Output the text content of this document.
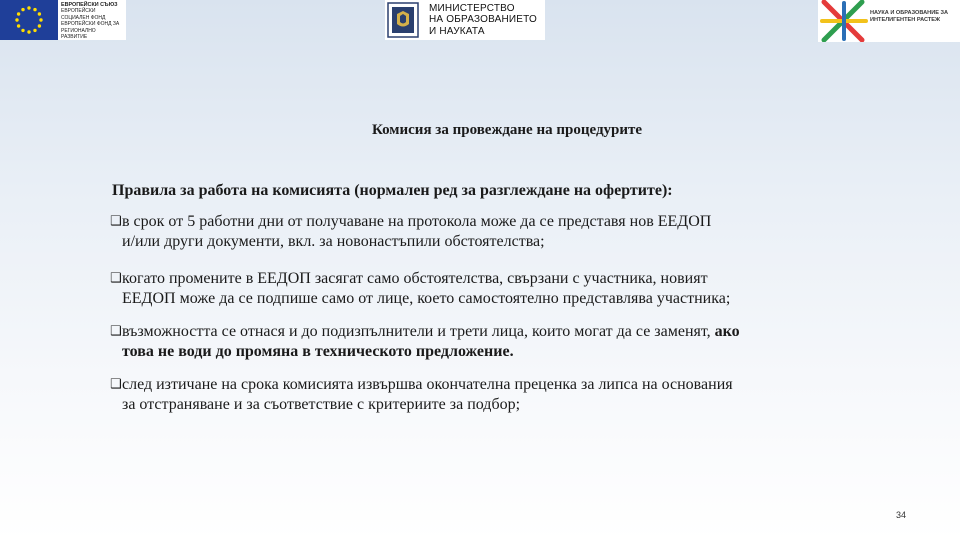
ЕВРОПЕЙСКИ СЪЮЗ
ЕВРОПЕЙСКИ
СОЦИАЛЕН ФОНД
ЕВРОПЕЙСКИ ФОНД ЗА
РЕГИОНАЛНО РАЗВИТИЕ
МИНИСТЕРСТВО
НА ОБРАЗОВАНИЕТО
И НАУКАТА
НАУКА И ОБРАЗОВАНИЕ ЗА
ИНТЕЛИГЕНТЕН РАСТЕЖ
Комисия за провеждане на процедурите
Правила за работа на комисията (нормален ред за разглеждане на офертите):
❑ в срок от 5 работни дни от получаване на протокола може да се представя нов ЕЕДОП
и/или други документи, вкл. за новонастъпили обстоятелства;
❑ когато промените в ЕЕДОП засягат само обстоятелства, свързани с участника, новият
ЕЕДОП може да се подпише само от лице, което самостоятелно представлява участника;
❑ възможността се отнася и до подизпълнители и трети лица, които могат да се заменят, ако
това не води до промяна в техническото предложение.
❑ след изтичане на срока комисията извършва окончателна преценка за липса на основания
за отстраняване и за съответствие с критериите за подбор;
34
